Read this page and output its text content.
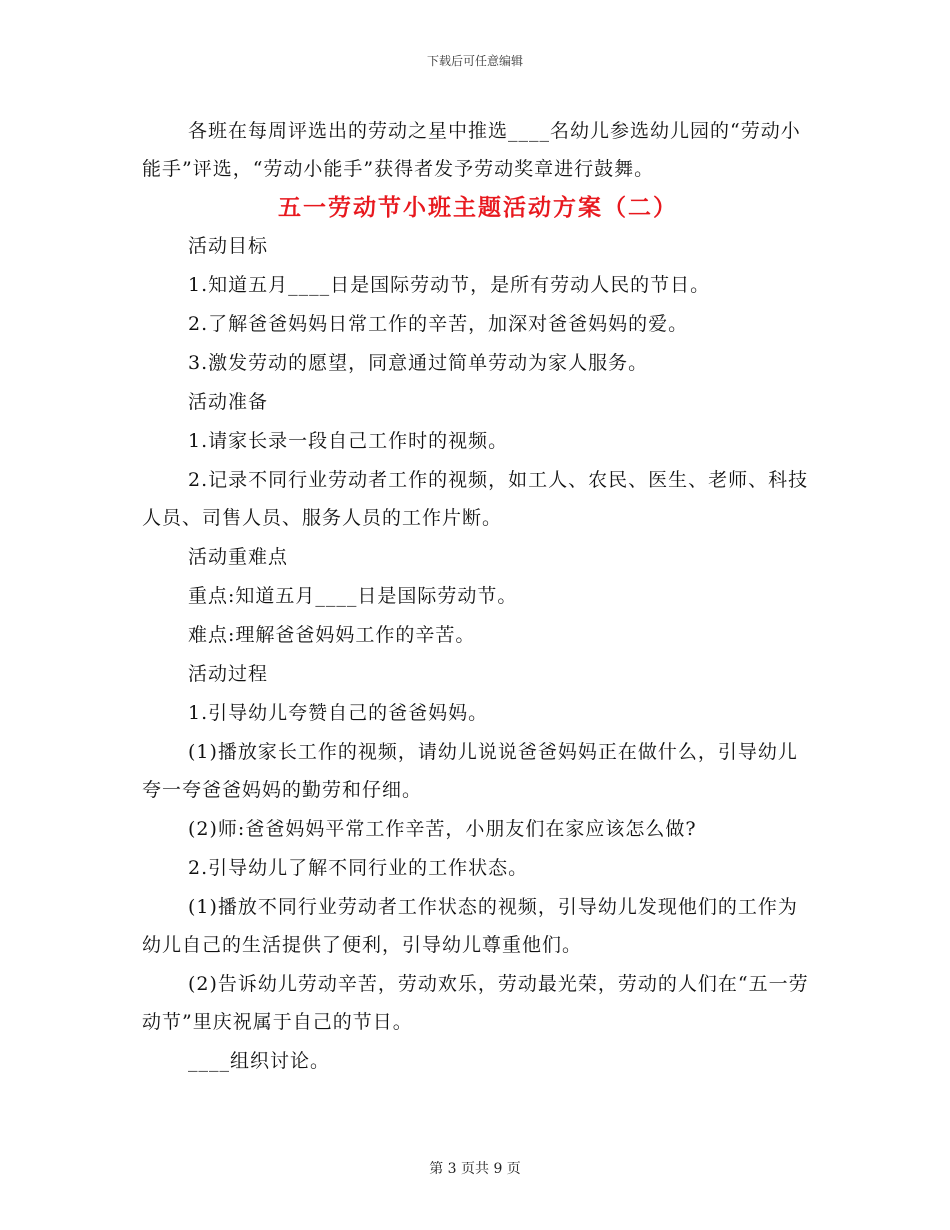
下载后可任意编辑

各班在每周评选出的劳动之星中推选____名幼儿参选幼儿园的“劳动小能手”评选，“劳动小能手”获得者发予劳动奖章进行鼓舞。

五一劳动节小班主题活动方案（二）

活动目标

1.知道五月____日是国际劳动节，是所有劳动人民的节日。

2.了解爸爸妈妈日常工作的辛苦，加深对爸爸妈妈的爱。

3.激发劳动的愿望，同意通过简单劳动为家人服务。

活动准备

1.请家长录一段自己工作时的视频。

2.记录不同行业劳动者工作的视频，如工人、农民、医生、老师、科技人员、司售人员、服务人员的工作片断。

活动重难点

重点:知道五月____日是国际劳动节。

难点:理解爸爸妈妈工作的辛苦。

活动过程

1.引导幼儿夸赞自己的爸爸妈妈。

(1)播放家长工作的视频，请幼儿说说爸爸妈妈正在做什么，引导幼儿夸一夸爸爸妈妈的勤劳和仔细。

(2)师:爸爸妈妈平常工作辛苦，小朋友们在家应该怎么做?

2.引导幼儿了解不同行业的工作状态。

(1)播放不同行业劳动者工作状态的视频，引导幼儿发现他们的工作为幼儿自己的生活提供了便利，引导幼儿尊重他们。

(2)告诉幼儿劳动辛苦，劳动欢乐，劳动最光荣，劳动的人们在“五一劳动节”里庆祝属于自己的节日。

____组织讨论。

第 3 页共 9 页
